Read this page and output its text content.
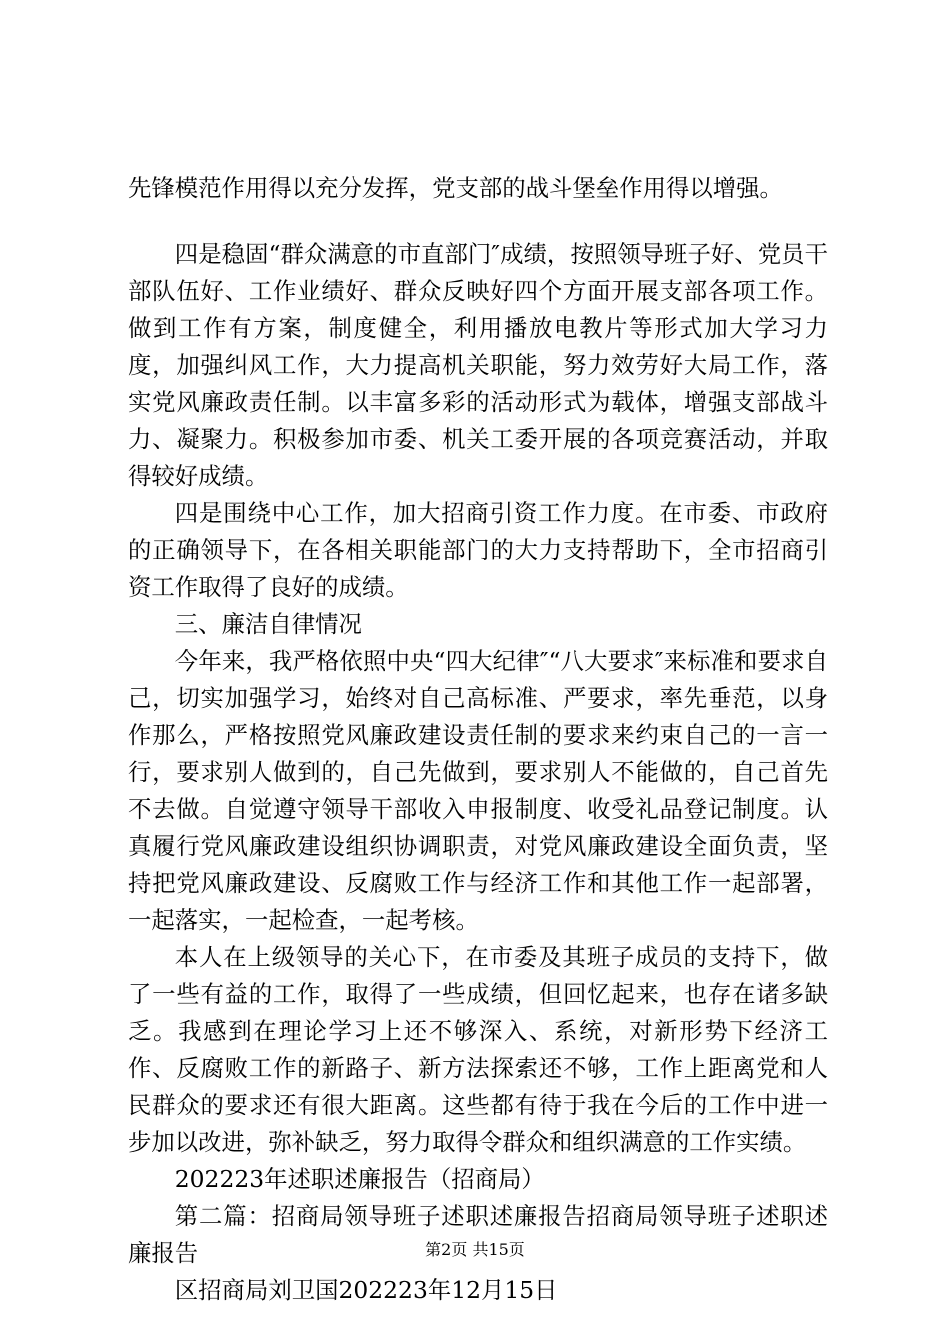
先锋模范作用得以充分发挥，党支部的战斗堡垒作用得以增强。

四是稳固“群众满意的市直部门″成绩，按照领导班子好、党员干部队伍好、工作业绩好、群众反映好四个方面开展支部各项工作。做到工作有方案，制度健全，利用播放电教片等形式加大学习力度，加强纠风工作，大力提高机关职能，努力效劳好大局工作，落实党风廉政责任制。以丰富多彩的活动形式为载体，增强支部战斗力、凝聚力。积极参加市委、机关工委开展的各项竞赛活动，并取得较好成绩。

四是围绕中心工作，加大招商引资工作力度。在市委、市政府的正确领导下，在各相关职能部门的大力支持帮助下，全市招商引资工作取得了良好的成绩。

三、廉洁自律情况

今年来，我严格依照中央“四大纪律″“八大要求″来标准和要求自己，切实加强学习，始终对自己高标准、严要求，率先垂范，以身作那么，严格按照党风廉政建设责任制的要求来约束自己的一言一行，要求别人做到的，自己先做到，要求别人不能做的，自己首先不去做。自觉遵守领导干部收入申报制度、收受礼品登记制度。认真履行党风廉政建设组织协调职责，对党风廉政建设全面负责，坚持把党风廉政建设、反腐败工作与经济工作和其他工作一起部署，一起落实，一起检查，一起考核。

本人在上级领导的关心下，在市委及其班子成员的支持下，做了一些有益的工作，取得了一些成绩，但回忆起来，也存在诸多缺乏。我感到在理论学习上还不够深入、系统，对新形势下经济工作、反腐败工作的新路子、新方法探索还不够，工作上距离党和人民群众的要求还有很大距离。这些都有待于我在今后的工作中进一步加以改进，弥补缺乏，努力取得令群众和组织满意的工作实绩。

202223年述职述廉报告（招商局）

第二篇：招商局领导班子述职述廉报告招商局领导班子述职述廉报告

区招商局刘卫国202223年12月15日

第2页 共15页
